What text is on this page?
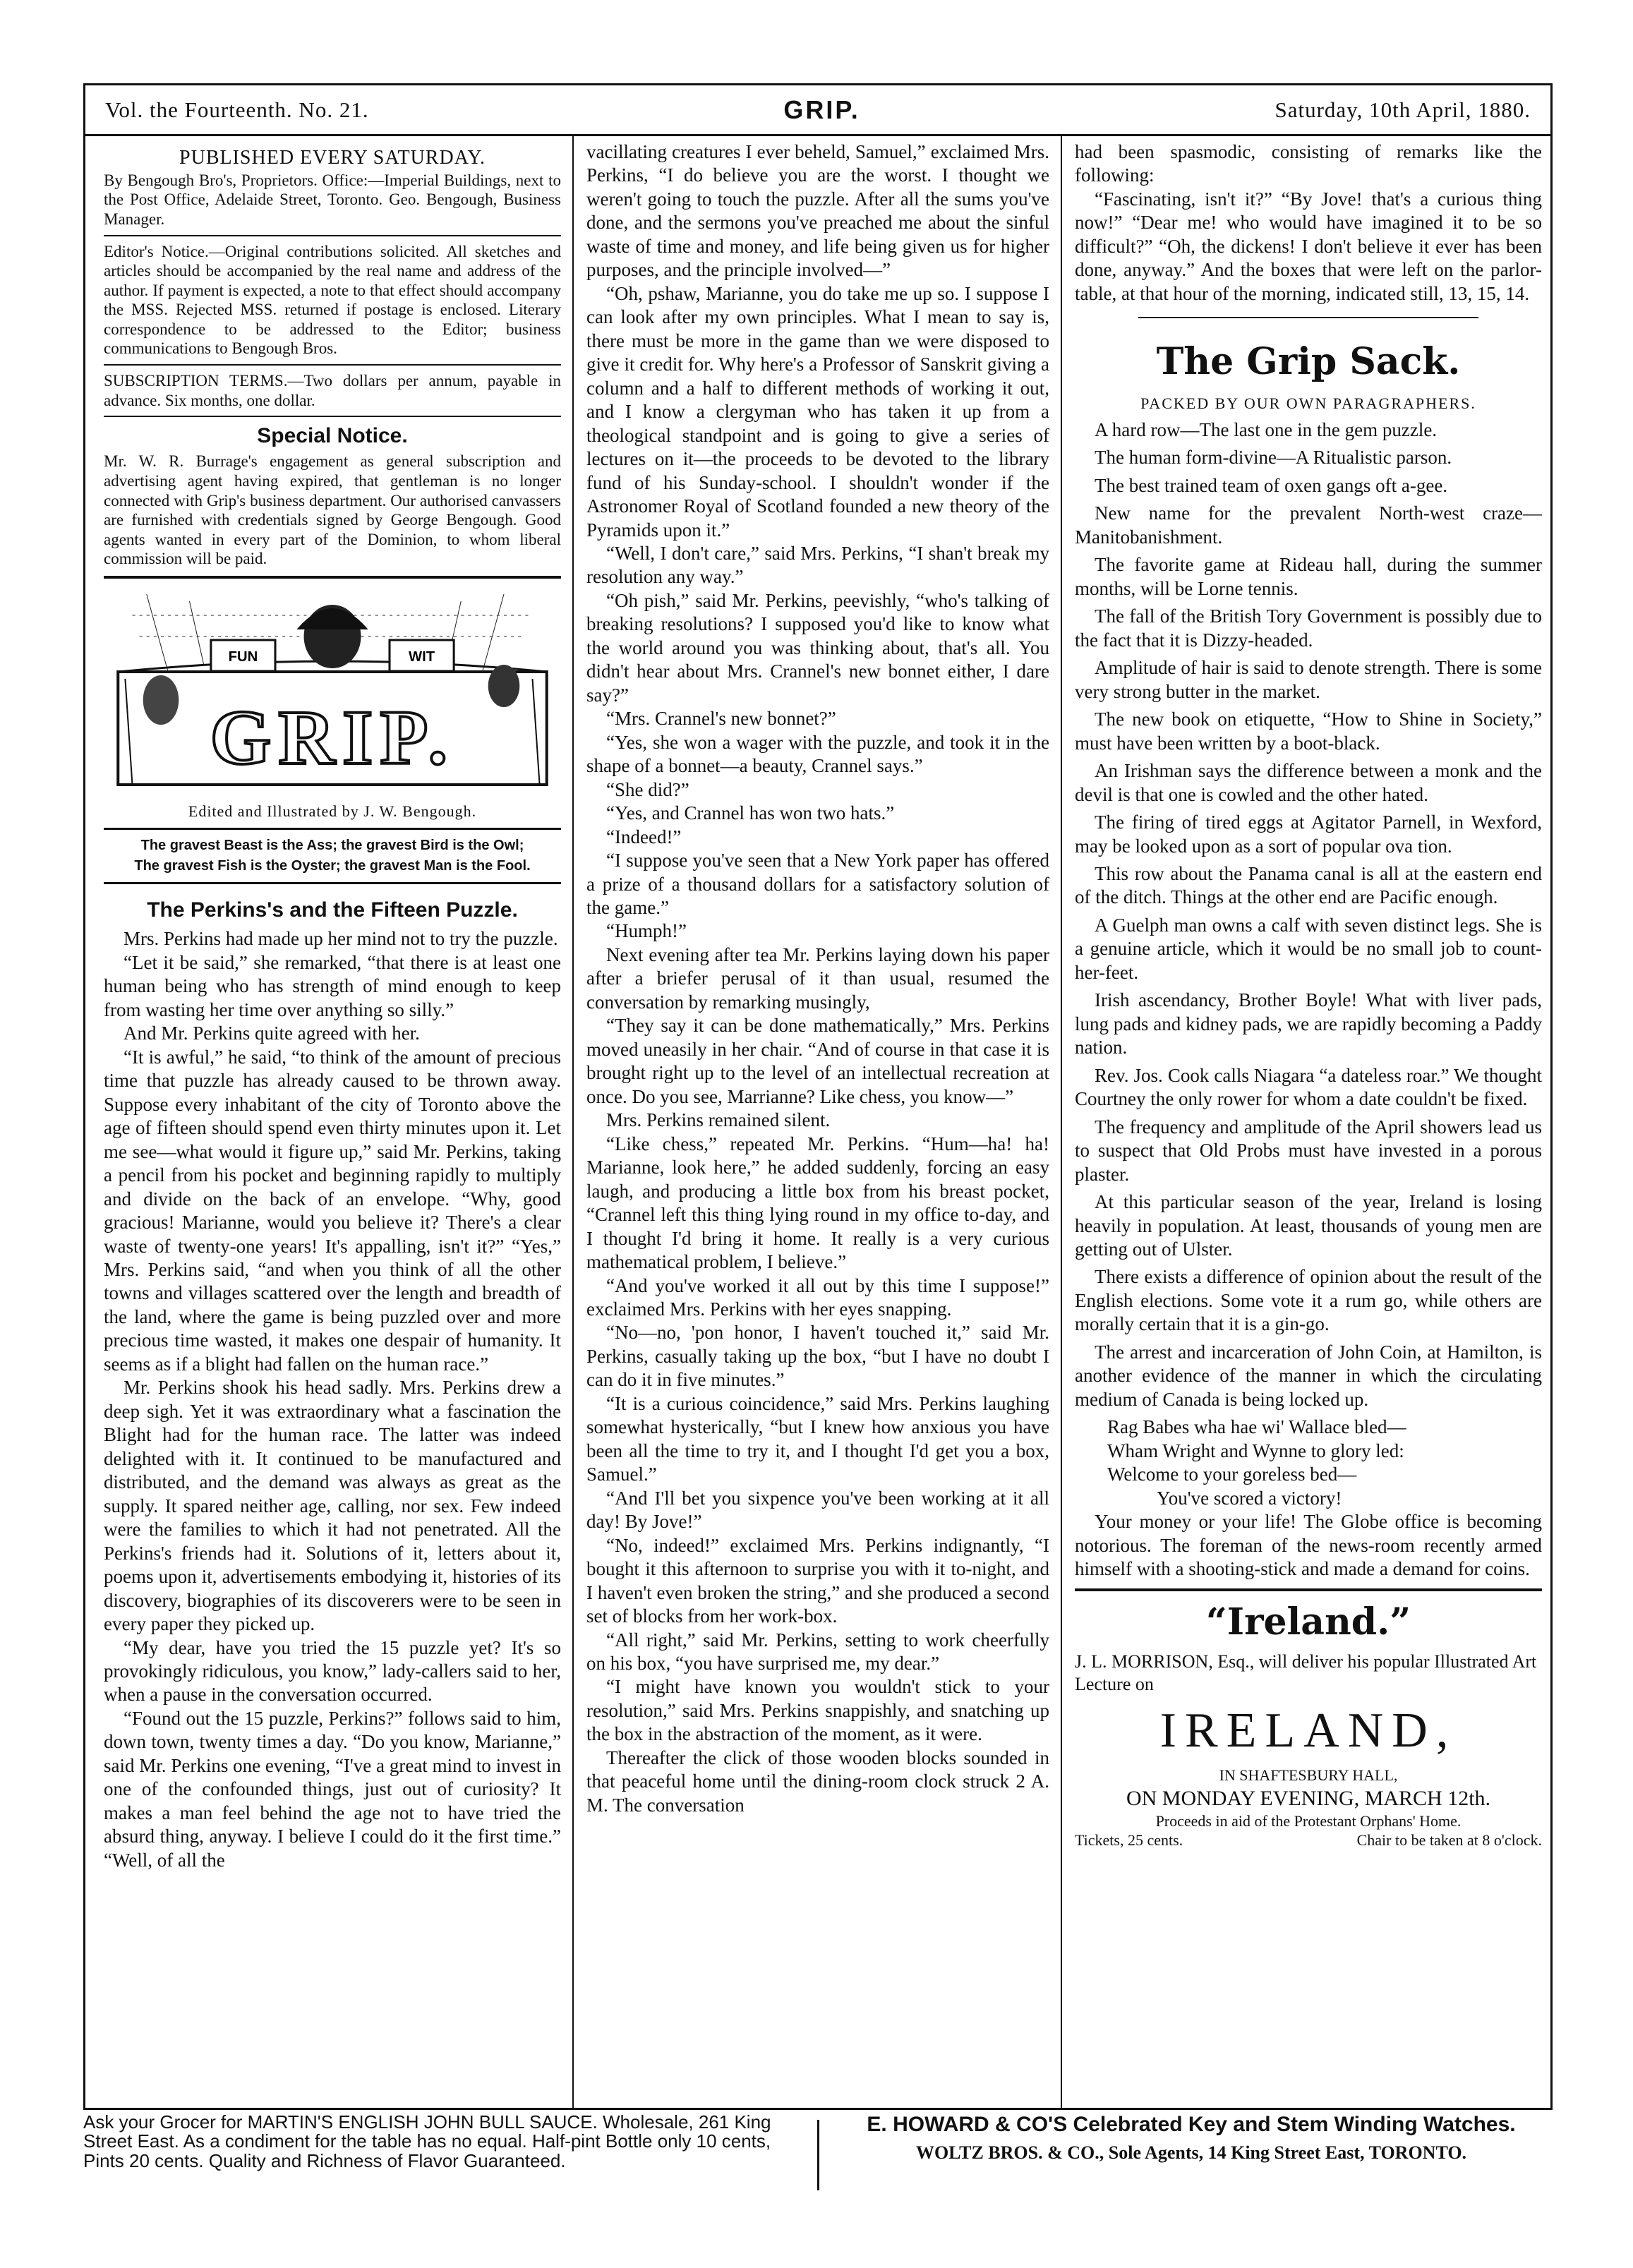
Vol. the Fourteenth. No. 21.	GRIP.	Saturday, 10th April, 1880.

PUBLISHED EVERY SATURDAY.

By Bengough Bro's, Proprietors. Office:—Imperial Buildings, next to the Post Office, Adelaide Street, Toronto. Geo. Bengough, Business Manager.

Editor's Notice.—Original contributions solicited. All sketches and articles should be accompanied by the real name and address of the author. If payment is expected, a note to that effect should accompany the MSS. Rejected MSS. returned if postage is enclosed. Literary correspondence to be addressed to the Editor; business communications to Bengough Bros.

SUBSCRIPTION TERMS.—Two dollars per annum, payable in advance. Six months, one dollar.

Special Notice.

Mr. W. R. Burrage's engagement as general subscription and advertising agent having expired, that gentleman is no longer connected with Grip's business department. Our authorised canvassers are furnished with credentials signed by George Bengough. Good agents wanted in every part of the Dominion, to whom liberal commission will be paid.

FUN	WIT
GRIP.

Edited and Illustrated by J. W. Bengough.

The gravest Beast is the Ass; the gravest Bird is the Owl;
The gravest Fish is the Oyster; the gravest Man is the Fool.

The Perkins's and the Fifteen Puzzle.

Mrs. Perkins had made up her mind not to try the puzzle.

“Let it be said,” she remarked, “that there is at least one human being who has strength of mind enough to keep from wasting her time over anything so silly.”

And Mr. Perkins quite agreed with her.

“It is awful,” he said, “to think of the amount of precious time that puzzle has already caused to be thrown away. Suppose every inhabitant of the city of Toronto above the age of fifteen should spend even thirty minutes upon it. Let me see—what would it figure up,” said Mr. Perkins, taking a pencil from his pocket and beginning rapidly to multiply and divide on the back of an envelope. “Why, good gracious! Marianne, would you believe it? There's a clear waste of twenty-one years! It's appalling, isn't it?” “Yes,” Mrs. Perkins said, “and when you think of all the other towns and villages scattered over the length and breadth of the land, where the game is being puzzled over and more precious time wasted, it makes one despair of humanity. It seems as if a blight had fallen on the human race.”

Mr. Perkins shook his head sadly. Mrs. Perkins drew a deep sigh. Yet it was extraordinary what a fascination the Blight had for the human race. The latter was indeed delighted with it. It continued to be manufactured and distributed, and the demand was always as great as the supply. It spared neither age, calling, nor sex. Few indeed were the families to which it had not penetrated. All the Perkins's friends had it. Solutions of it, letters about it, poems upon it, advertisements embodying it, histories of its discovery, biographies of its discoverers were to be seen in every paper they picked up.

“My dear, have you tried the 15 puzzle yet? It's so provokingly ridiculous, you know,” lady-callers said to her, when a pause in the conversation occurred.

“Found out the 15 puzzle, Perkins?” follows said to him, down town, twenty times a day. “Do you know, Marianne,” said Mr. Perkins one evening, “I've a great mind to invest in one of the confounded things, just out of curiosity? It makes a man feel behind the age not to have tried the absurd thing, anyway. I believe I could do it the first time.” “Well, of all the

vacillating creatures I ever beheld, Samuel,” exclaimed Mrs. Perkins, “I do believe you are the worst. I thought we weren't going to touch the puzzle. After all the sums you've done, and the sermons you've preached me about the sinful waste of time and money, and life being given us for higher purposes, and the principle involved—”

“Oh, pshaw, Marianne, you do take me up so. I suppose I can look after my own principles. What I mean to say is, there must be more in the game than we were disposed to give it credit for. Why here's a Professor of Sanskrit giving a column and a half to different methods of working it out, and I know a clergyman who has taken it up from a theological standpoint and is going to give a series of lectures on it—the proceeds to be devoted to the library fund of his Sunday-school. I shouldn't wonder if the Astronomer Royal of Scotland founded a new theory of the Pyramids upon it.”

“Well, I don't care,” said Mrs. Perkins, “I shan't break my resolution any way.”

“Oh pish,” said Mr. Perkins, peevishly, “who's talking of breaking resolutions? I supposed you'd like to know what the world around you was thinking about, that's all. You didn't hear about Mrs. Crannel's new bonnet either, I dare say?”

“Mrs. Crannel's new bonnet?”

“Yes, she won a wager with the puzzle, and took it in the shape of a bonnet—a beauty, Crannel says.”

“She did?”

“Yes, and Crannel has won two hats.”

“Indeed!”

“I suppose you've seen that a New York paper has offered a prize of a thousand dollars for a satisfactory solution of the game.”

“Humph!”

Next evening after tea Mr. Perkins laying down his paper after a briefer perusal of it than usual, resumed the conversation by remarking musingly,

“They say it can be done mathematically,” Mrs. Perkins moved uneasily in her chair. “And of course in that case it is brought right up to the level of an intellectual recreation at once. Do you see, Marrianne? Like chess, you know—”

Mrs. Perkins remained silent.

“Like chess,” repeated Mr. Perkins. “Hum—ha! ha! Marianne, look here,” he added suddenly, forcing an easy laugh, and producing a little box from his breast pocket, “Crannel left this thing lying round in my office to-day, and I thought I'd bring it home. It really is a very curious mathematical problem, I believe.”

“And you've worked it all out by this time I suppose!” exclaimed Mrs. Perkins with her eyes snapping.

“No—no, 'pon honor, I haven't touched it,” said Mr. Perkins, casually taking up the box, “but I have no doubt I can do it in five minutes.”

“It is a curious coincidence,” said Mrs. Perkins laughing somewhat hysterically, “but I knew how anxious you have been all the time to try it, and I thought I'd get you a box, Samuel.”

“And I'll bet you sixpence you've been working at it all day! By Jove!”

“No, indeed!” exclaimed Mrs. Perkins indignantly, “I bought it this afternoon to surprise you with it to-night, and I haven't even broken the string,” and she produced a second set of blocks from her work-box.

“All right,” said Mr. Perkins, setting to work cheerfully on his box, “you have surprised me, my dear.”

“I might have known you wouldn't stick to your resolution,” said Mrs. Perkins snappishly, and snatching up the box in the abstraction of the moment, as it were.

Thereafter the click of those wooden blocks sounded in that peaceful home until the dining-room clock struck 2 A. M. The conversation

had been spasmodic, consisting of remarks like the following:

“Fascinating, isn't it?” “By Jove! that's a curious thing now!” “Dear me! who would have imagined it to be so difficult?” “Oh, the dickens! I don't believe it ever has been done, anyway.” And the boxes that were left on the parlor-table, at that hour of the morning, indicated still, 13, 15, 14.

The Grip Sack.

PACKED BY OUR OWN PARAGRAPHERS.

A hard row—The last one in the gem puzzle.

The human form-divine—A Ritualistic parson.

The best trained team of oxen gangs oft a-gee.

New name for the prevalent North-west craze—Manitobanishment.

The favorite game at Rideau hall, during the summer months, will be Lorne tennis.

The fall of the British Tory Government is possibly due to the fact that it is Dizzy-headed.

Amplitude of hair is said to denote strength. There is some very strong butter in the market.

The new book on etiquette, “How to Shine in Society,” must have been written by a boot-black.

An Irishman says the difference between a monk and the devil is that one is cowled and the other hated.

The firing of tired eggs at Agitator Parnell, in Wexford, may be looked upon as a sort of popular ova tion.

This row about the Panama canal is all at the eastern end of the ditch. Things at the other end are Pacific enough.

A Guelph man owns a calf with seven distinct legs. She is a genuine article, which it would be no small job to count-her-feet.

Irish ascendancy, Brother Boyle! What with liver pads, lung pads and kidney pads, we are rapidly becoming a Paddy nation.

Rev. Jos. Cook calls Niagara “a dateless roar.” We thought Courtney the only rower for whom a date couldn't be fixed.

The frequency and amplitude of the April showers lead us to suspect that Old Probs must have invested in a porous plaster.

At this particular season of the year, Ireland is losing heavily in population. At least, thousands of young men are getting out of Ulster.

There exists a difference of opinion about the result of the English elections. Some vote it a rum go, while others are morally certain that it is a gin-go.

The arrest and incarceration of John Coin, at Hamilton, is another evidence of the manner in which the circulating medium of Canada is being locked up.

Rag Babes wha hae wi' Wallace bled—
Wham Wright and Wynne to glory led:
Welcome to your goreless bed—
You've scored a victory!

Your money or your life! The Globe office is becoming notorious. The foreman of the news-room recently armed himself with a shooting-stick and made a demand for coins.

“Ireland.”
J. L. MORRISON, Esq., will deliver his popular Illustrated Art Lecture on
IRELAND,
IN SHAFTESBURY HALL,
ON MONDAY EVENING, MARCH 12th.
Proceeds in aid of the Protestant Orphans' Home.
Tickets, 25 cents.	Chair to be taken at 8 o'clock.
Ask your Grocer for MARTIN'S ENGLISH JOHN BULL SAUCE. Wholesale, 261 King Street East. As a condiment for the table has no equal. Half-pint Bottle only 10 cents, Pints 20 cents. Quality and Richness of Flavor Guaranteed.
E. HOWARD & CO'S Celebrated Key and Stem Winding Watches.
WOLTZ BROS. & CO., Sole Agents, 14 King Street East, TORONTO.
